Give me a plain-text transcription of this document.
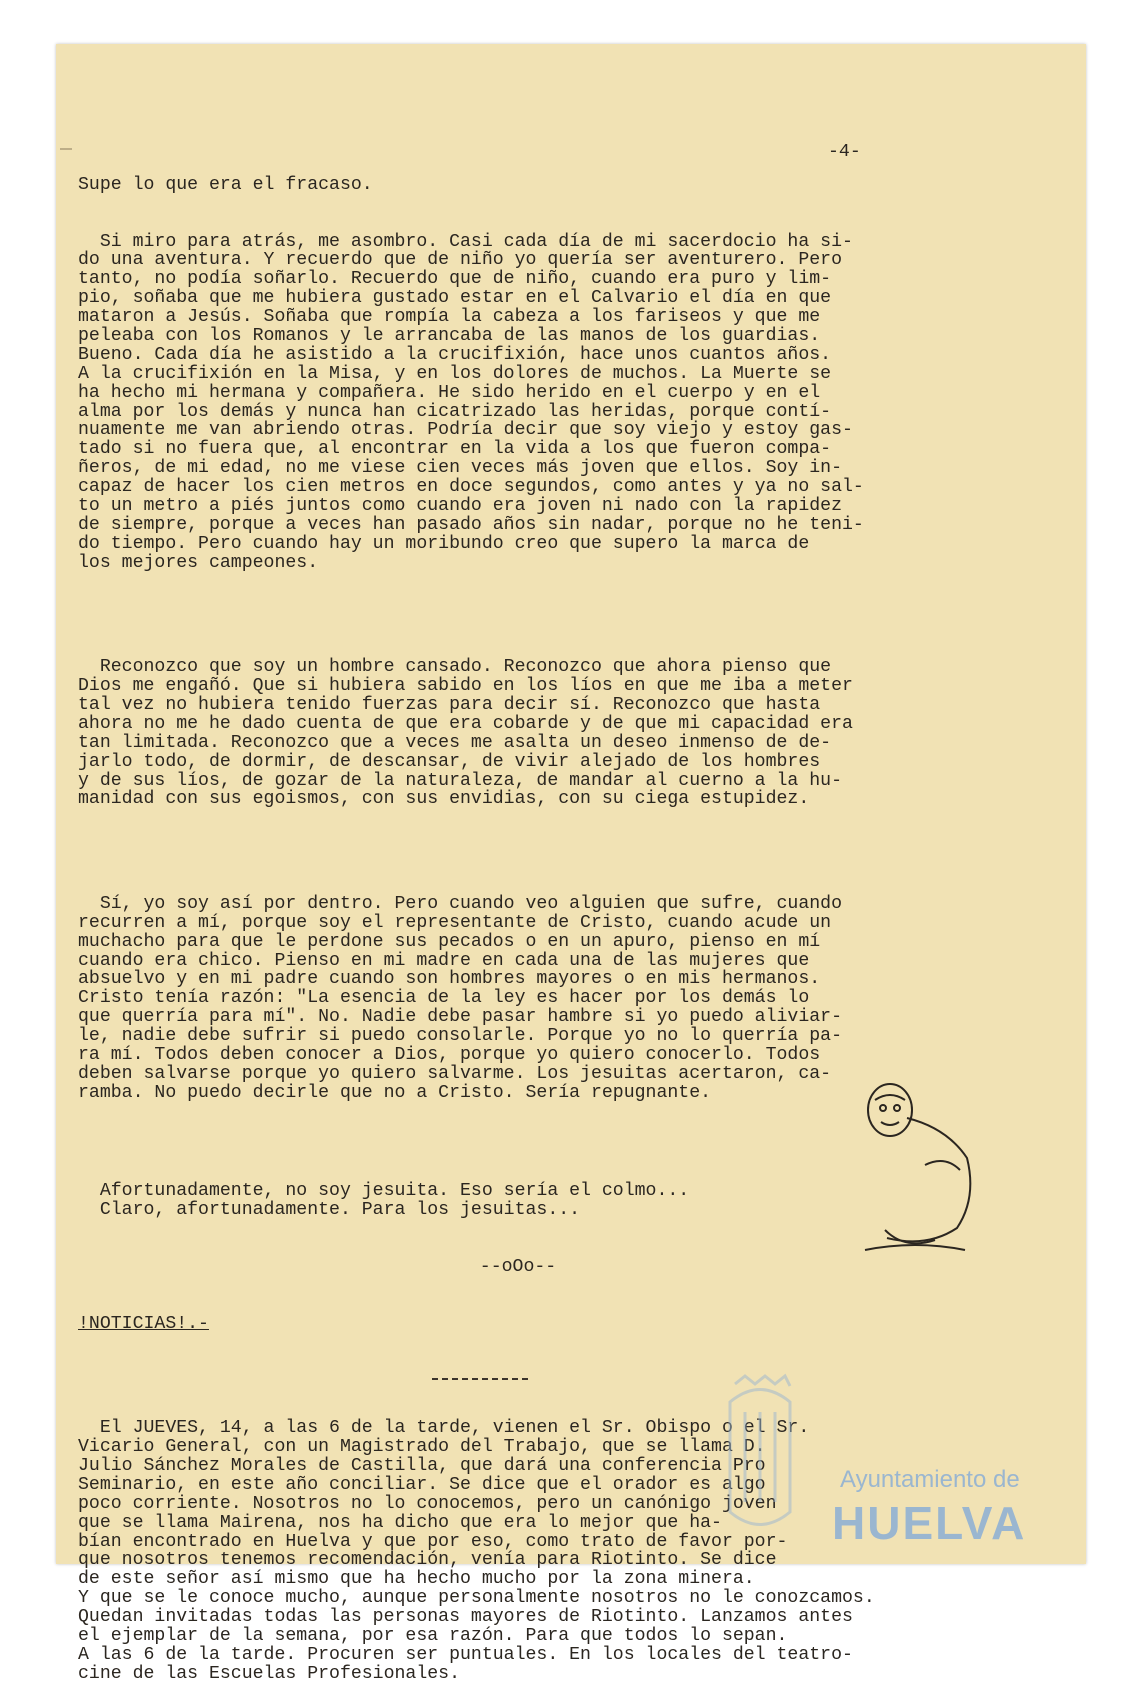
-4-

Supe lo que era el fracaso.

Si miro para atrás, me asombro. Casi cada día de mi sacerdocio ha si-
do una aventura. Y recuerdo que de niño yo quería ser aventurero. Pero
tanto, no podía soñarlo. Recuerdo que de niño, cuando era puro y lim-
pio, soñaba que me hubiera gustado estar en el Calvario el día en que
mataron a Jesús. Soñaba que rompía la cabeza a los fariseos y que me
peleaba con los Romanos y le arrancaba de las manos de los guardias.
Bueno. Cada día he asistido a la crucifixión, hace unos cuantos años.
A la crucifixión en la Misa, y en los dolores de muchos. La Muerte se
ha hecho mi hermana y compañera. He sido herido en el cuerpo y en el
alma por los demás y nunca han cicatrizado las heridas, porque contí-
nuamente me van abriendo otras. Podría decir que soy viejo y estoy gas-
tado si no fuera que, al encontrar en la vida a los que fueron compa-
ñeros, de mi edad, no me viese cien veces más joven que ellos. Soy in-
capaz de hacer los cien metros en doce segundos, como antes y ya no sal-
to un metro a piés juntos como cuando era joven ni nado con la rapidez
de siempre, porque a veces han pasado años sin nadar, porque no he teni-
do tiempo. Pero cuando hay un moribundo creo que supero la marca de
los mejores campeones.

Reconozco que soy un hombre cansado. Reconozco que ahora pienso que
Dios me engañó. Que si hubiera sabido en los líos en que me iba a meter
tal vez no hubiera tenido fuerzas para decir sí. Reconozco que hasta
ahora no me he dado cuenta de que era cobarde y de que mi capacidad era
tan limitada. Reconozco que a veces me asalta un deseo inmenso de de-
jarlo todo, de dormir, de descansar, de vivir alejado de los hombres
y de sus líos, de gozar de la naturaleza, de mandar al cuerno a la hu-
manidad con sus egoismos, con sus envidias, con su ciega estupidez.

Sí, yo soy así por dentro. Pero cuando veo alguien que sufre, cuando
recurren a mí, porque soy el representante de Cristo, cuando acude un
muchacho para que le perdone sus pecados o en un apuro, pienso en mí
cuando era chico. Pienso en mi madre en cada una de las mujeres que
absuelvo y en mi padre cuando son hombres mayores o en mis hermanos.
Cristo tenía razón: "La esencia de la ley es hacer por los demás lo
que querría para mí". No. Nadie debe pasar hambre si yo puedo aliviar-
le, nadie debe sufrir si puedo consolarle. Porque yo no lo querría pa-
ra mí. Todos deben conocer a Dios, porque yo quiero conocerlo. Todos
deben salvarse porque yo quiero salvarme. Los jesuitas acertaron, ca-
ramba. No puedo decirle que no a Cristo. Sería repugnante.

Afortunadamente, no soy jesuita. Eso sería el colmo...
Claro, afortunadamente. Para los jesuitas...

--oOo--

!NOTICIAS!.-

El JUEVES, 14, a las 6 de la tarde, vienen el Sr. Obispo o el Sr.
Vicario General, con un Magistrado del Trabajo, que se llama D.
Julio Sánchez Morales de Castilla, que dará una conferencia Pro
Seminario, en este año conciliar. Se dice que el orador es algo
poco corriente. Nosotros no lo conocemos, pero un canónigo joven
que se llama Mairena, nos ha dicho que era lo mejor que ha-
bían encontrado en Huelva y que por eso, como trato de favor por-
que nosotros tenemos recomendación, venía para Riotinto. Se dice
de este señor así mismo que ha hecho mucho por la zona minera.
Y que se le conoce mucho, aunque personalmente nosotros no le conozcamos.
Quedan invitadas todas las personas mayores de Riotinto. Lanzamos antes
el ejemplar de la semana, por esa razón. Para que todos lo sepan.
A las 6 de la tarde. Procuren ser puntuales. En los locales del teatro-
cine de las Escuelas Profesionales.

Ayuntamiento de
HUELVA
